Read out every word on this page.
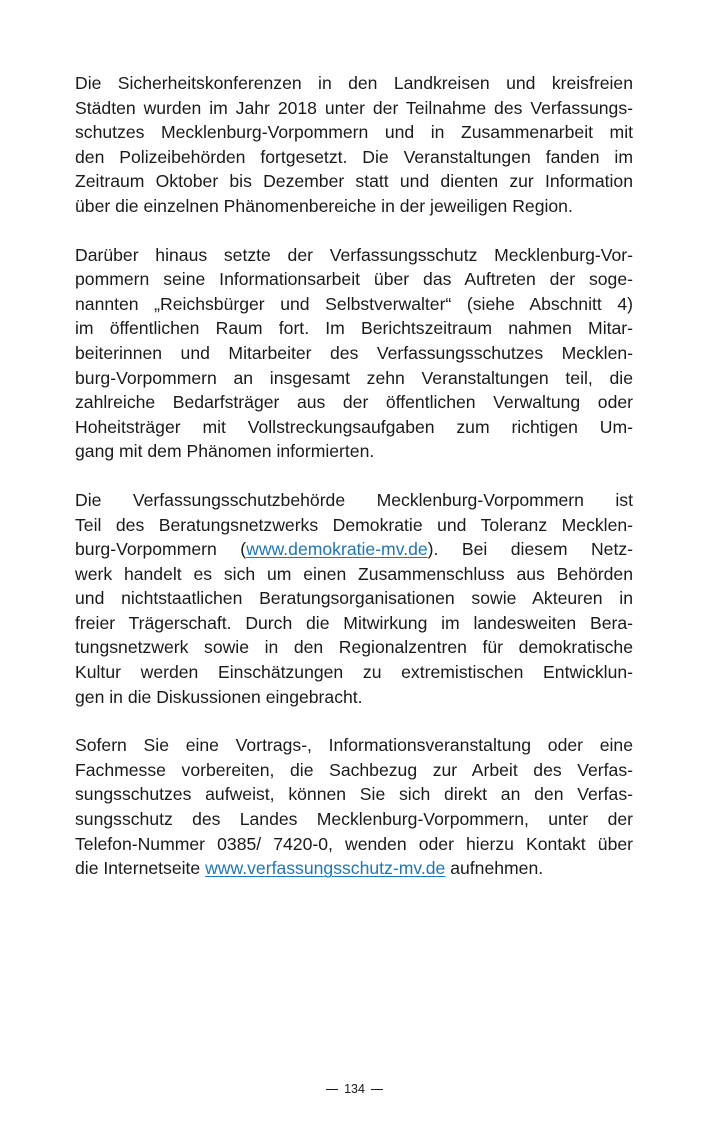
Die Sicherheitskonferenzen in den Landkreisen und kreisfreien
Städten wurden im Jahr 2018 unter der Teilnahme des Verfassungs-
schutzes Mecklenburg-Vorpommern und in Zusammenarbeit mit
den Polizeibehörden fortgesetzt. Die Veranstaltungen fanden im
Zeitraum Oktober bis Dezember statt und dienten zur Information
über die einzelnen Phänomenbereiche in der jeweiligen Region.

Darüber hinaus setzte der Verfassungsschutz Mecklenburg-Vor-
pommern seine Informationsarbeit über das Auftreten der soge-
nannten „Reichsbürger und Selbstverwalter“ (siehe Abschnitt 4)
im öffentlichen Raum fort. Im Berichtszeitraum nahmen Mitar-
beiterinnen und Mitarbeiter des Verfassungsschutzes Mecklen-
burg-Vorpommern an insgesamt zehn Veranstaltungen teil, die
zahlreiche Bedarfsträger aus der öffentlichen Verwaltung oder
Hoheitsträger mit Vollstreckungsaufgaben zum richtigen Um-
gang mit dem Phänomen informierten.

Die Verfassungsschutzbehörde Mecklenburg-Vorpommern ist
Teil des Beratungsnetzwerks Demokratie und Toleranz Mecklen-
burg-Vorpommern (www.demokratie-mv.de). Bei diesem Netz-
werk handelt es sich um einen Zusammenschluss aus Behörden
und nichtstaatlichen Beratungsorganisationen sowie Akteuren in
freier Trägerschaft. Durch die Mitwirkung im landesweiten Bera-
tungsnetzwerk sowie in den Regionalzentren für demokratische
Kultur werden Einschätzungen zu extremistischen Entwicklun-
gen in die Diskussionen eingebracht.

Sofern Sie eine Vortrags-, Informationsveranstaltung oder eine
Fachmesse vorbereiten, die Sachbezug zur Arbeit des Verfas-
sungsschutzes aufweist, können Sie sich direkt an den Verfas-
sungsschutz des Landes Mecklenburg-Vorpommern, unter der
Telefon-Nummer 0385/ 7420-0, wenden oder hierzu Kontakt über
die Internetseite www.verfassungsschutz-mv.de aufnehmen.

134
